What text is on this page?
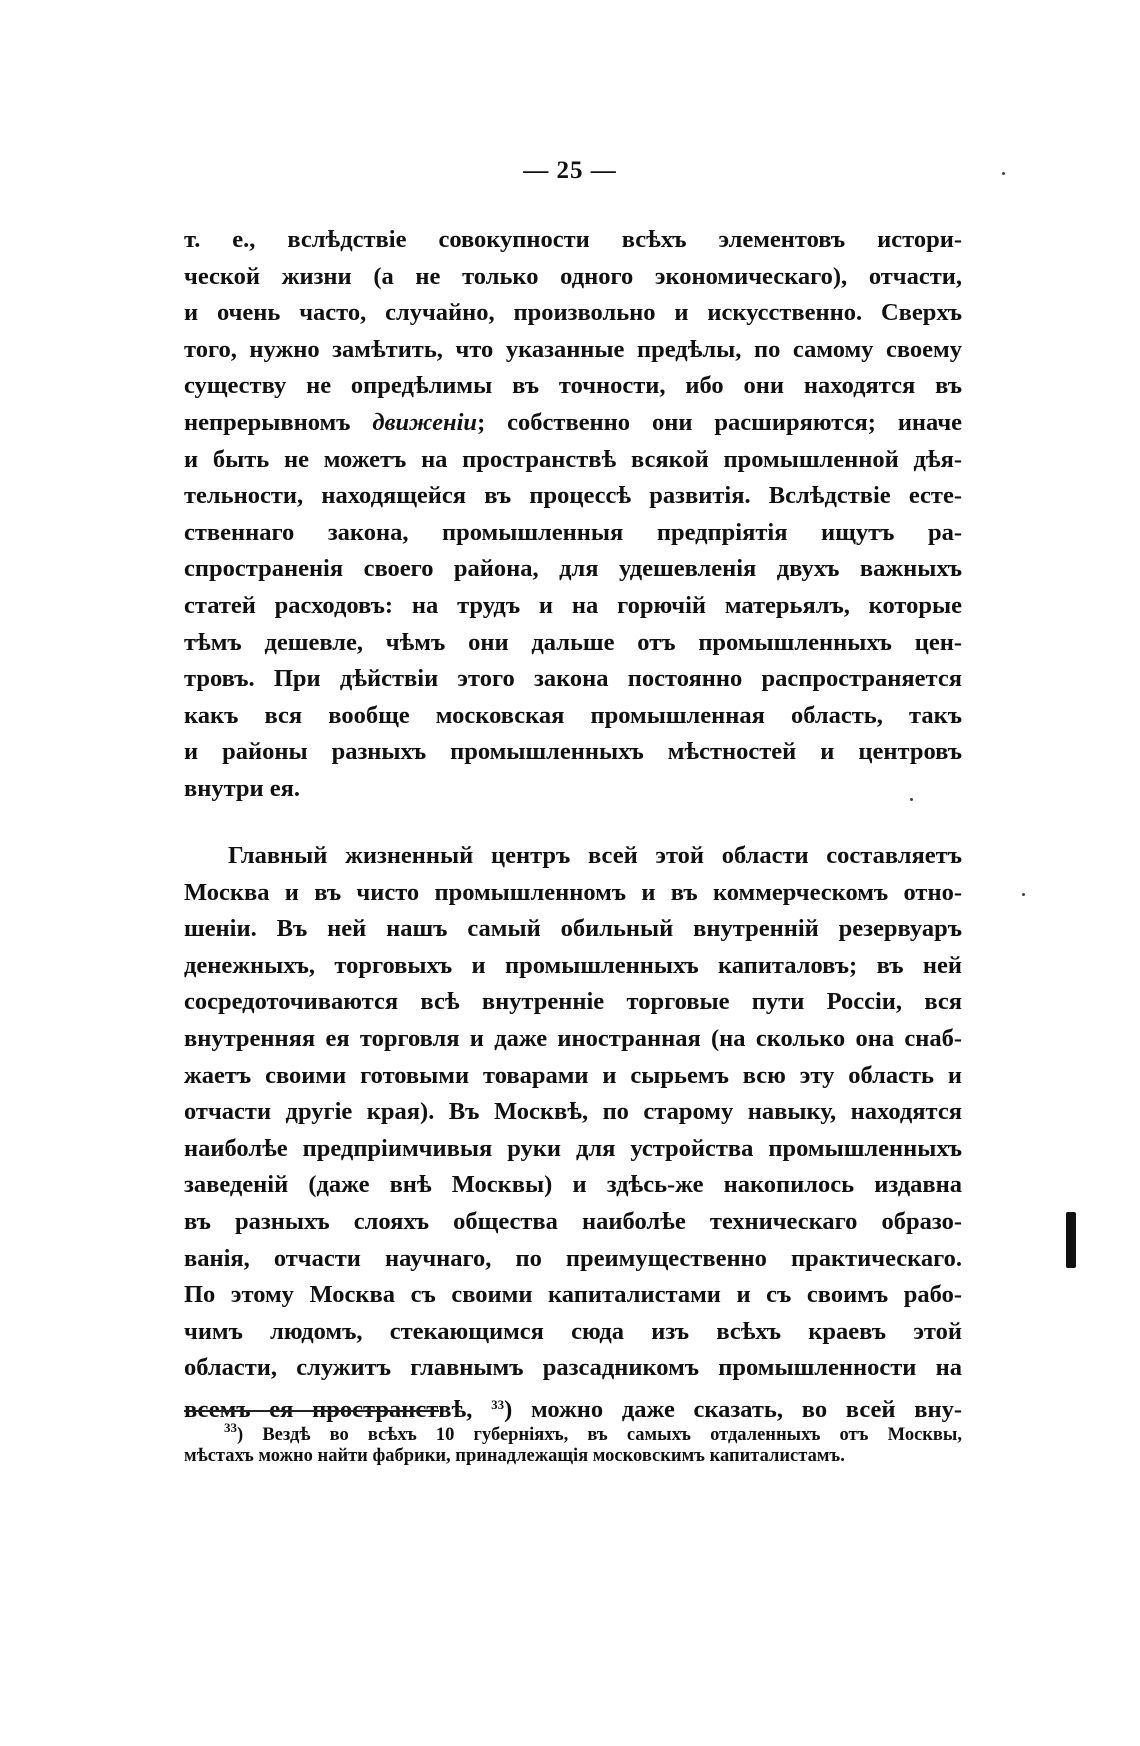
— 25 —
т. е., вслѣдствіе совокупности всѣхъ элементовъ истори-
ческой жизни (а не только одного экономическаго), отчасти,
и очень часто, случайно, произвольно и искусственно. Сверхъ
того, нужно замѣтить, что указанные предѣлы, по самому своему
существу не опредѣлимы въ точности, ибо они находятся въ
непрерывномъ движеніи; собственно они расширяются; иначе
и быть не можетъ на пространствѣ всякой промышленной дѣя-
тельности, находящейся въ процессѣ развитія. Вслѣдствіе есте-
ственнаго закона, промышленныя предпріятія ищутъ ра-
спространенія своего района, для удешевленія двухъ важныхъ
статей расходовъ: на трудъ и на горючій матерьялъ, которые
тѣмъ дешевле, чѣмъ они дальше отъ промышленныхъ цен-
тровъ. При дѣйствіи этого закона постоянно распространяется
какъ вся вообще московская промышленная область, такъ
и районы разныхъ промышленныхъ мѣстностей и центровъ
внутри ея.
Главный жизненный центръ всей этой области составляетъ
Москва и въ чисто промышленномъ и въ коммерческомъ отно-
шеніи. Въ ней нашъ самый обильный внутренній резервуаръ
денежныхъ, торговыхъ и промышленныхъ капиталовъ; въ ней
сосредоточиваются всѣ внутренніе торговые пути Россіи, вся
внутренняя ея торговля и даже иностранная (на сколько она снаб-
жаетъ своими готовыми товарами и сырьемъ всю эту область и
отчасти другіе края). Въ Москвѣ, по старому навыку, находятся
наиболѣе предпріимчивыя руки для устройства промышленныхъ
заведеній (даже внѣ Москвы) и здѣсь-же накопилось издавна
въ разныхъ слояхъ общества наиболѣе техническаго образо-
ванія, отчасти научнаго, по преимущественно практическаго.
По этому Москва съ своими капиталистами и съ своимъ рабо-
чимъ людомъ, стекающимся сюда изъ всѣхъ краевъ этой
области, служитъ главнымъ разсадникомъ промышленности на
всемъ ея пространствѣ, $^{33}$) можно даже сказать, во всей вну-
$^{33}$) Вездѣ во всѣхъ 10 губерніяхъ, въ самыхъ отдаленныхъ отъ Москвы,
мѣстахъ можно найти фабрики, принадлежащія московскимъ капиталистамъ.
